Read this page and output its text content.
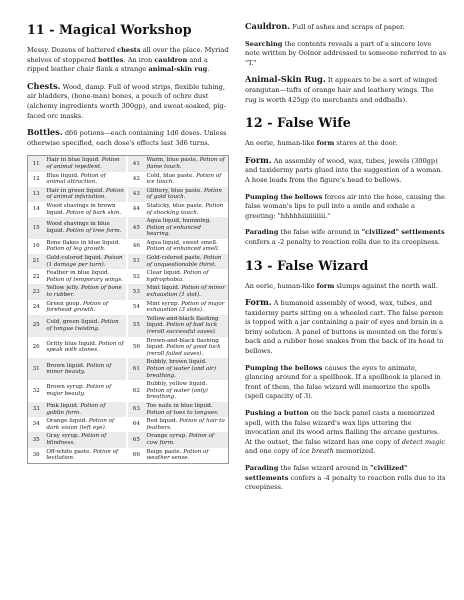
11 - Magical Workshop

Messy. Dozens of battered chests all over the place. Myriad shelves of stoppered bottles. An iron cauldron and a ripped leather chair flank a strange animal-skin rug.

Chests. Wood, damp. Full of wood strips, flexible tubing, air bladders, (bone-man) bones, a pouch of ochre dust (alchemy ingredients worth 300gp), and sweat-soaked, pig-faced orc masks.

Bottles. d66 potions—each containing 1d6 doses. Unless otherwise specified, each dose's effects last 3d6 turns.

11	Hair in blue liquid. Potion of animal repellent.		41	Warm, blue paste. Potion of flame touch.
12	Blue liquid. Potion of animal attraction.		42	Cold, blue paste. Potion of ice touch.
13	Hair in green liquid. Potion of animal infuriation.		43	Glittery, blue paste. Potion of gold touch.
14	Wood shavings in brown liquid. Potion of bark skin.		44	Staticky, blue paste. Potion of shocking touch.
15	Wood shavings in blue liquid. Potion of tree form.		45	Aqua liquid, humming. Potion of enhanced hearing.
16	Bone flakes in blue liquid. Potion of leg growth.		46	Aqua liquid, sweet smell. Potion of enhanced smell.
21	Gold-colored liquid. Poison (1 damage per turn).		51	Gold-colored paste. Potion of unquestionable thirst.
22	Feather in blue liquid. Potion of temporary wings.		52	Clear liquid. Potion of hydrophobia.
23	Yellow jelly. Potion of bone to rubber.		53	Mint liquid. Potion of minor exhaustion (1 slot).
24	Green goop. Potion of forehead growth.		54	Mint syrup. Potion of major exhaustion (3 slots).
25	Cold, green liquid. Potion of tongue twisting.		55	Yellow-and-black flashing liquid. Potion of bad luck (reroll successful saves).
26	Gritty blue liquid. Potion of speak with stones.		56	Brown-and-black flashing liquid. Potion of good luck (reroll failed saves).
31	Brown liquid. Potion of minor beauty.		61	Bubbly, brown liquid. Potion of water (and air) breathing.
32	Brown syrup. Potion of major beauty.		62	Bubbly, yellow liquid. Potion of water (only) breathing.
33	Pink liquid. Potion of goblin form.		63	Toe nails in blue liquid. Potion of toes to tongues.
34	Orange liquid. Potion of dark vision (left eye).		64	Red liquid. Potion of hair to feathers.
35	Gray syrup. Potion of blindness.		65	Orange syrup. Potion of cow form.
36	Off-white paste. Potion of levitation.		66	Beige paste. Potion of weather sense.

Cauldron. Full of ashes and scraps of paper.

Searching the contents reveals a part of a sincere love note written by Oolnor addressed to someone referred to as "T."

Animal-Skin Rug. It appears to be a sort of winged orangutan—tufts of orange hair and leathery wings. The rug is worth 425gp (to merchants and oddballs).

12 - False Wife

An eerie, human-like form stares at the door.

Form. An assembly of wood, wax, tubes, jewels (300gp) and taxidermy parts glued into the suggestion of a woman. A hose leads from the figure's head to bellows.

Pumping the bellows forces air into the hose, causing the false woman's lips to pull into a smile and exhale a greeting: "hhhhhiiiiiiiiiii."

Parading the false wife around in "civilized" settlements confers a -2 penalty to reaction rolls due to its creepiness.

13 - False Wizard

An eerie, human-like form slumps against the north wall.

Form. A humanoid assembly of wood, wax, tubes, and taxidermy parts sitting on a wheeled cart. The false person is topped with a jar containing a pair of eyes and brain in a briny solution. A panel of buttons is mounted on the form's back and a rubber hose snakes from the back of its head to bellows.

Pumping the bellows causes the eyes to animate, glancing around for a spellbook. If a spellbook is placed in front of them, the false wizard will memorize the spells (spell capacity of 3).

Pushing a button on the back panel casts a memorized spell, with the false wizard's wax lips uttering the invocation and its wood arms flailing the arcane gestures. At the outset, the false wizard has one copy of detect magic and one copy of ice breath memorized.

Parading the false wizard around in "civilized" settlements confers a -4 penalty to reaction rolls due to its creepiness.
